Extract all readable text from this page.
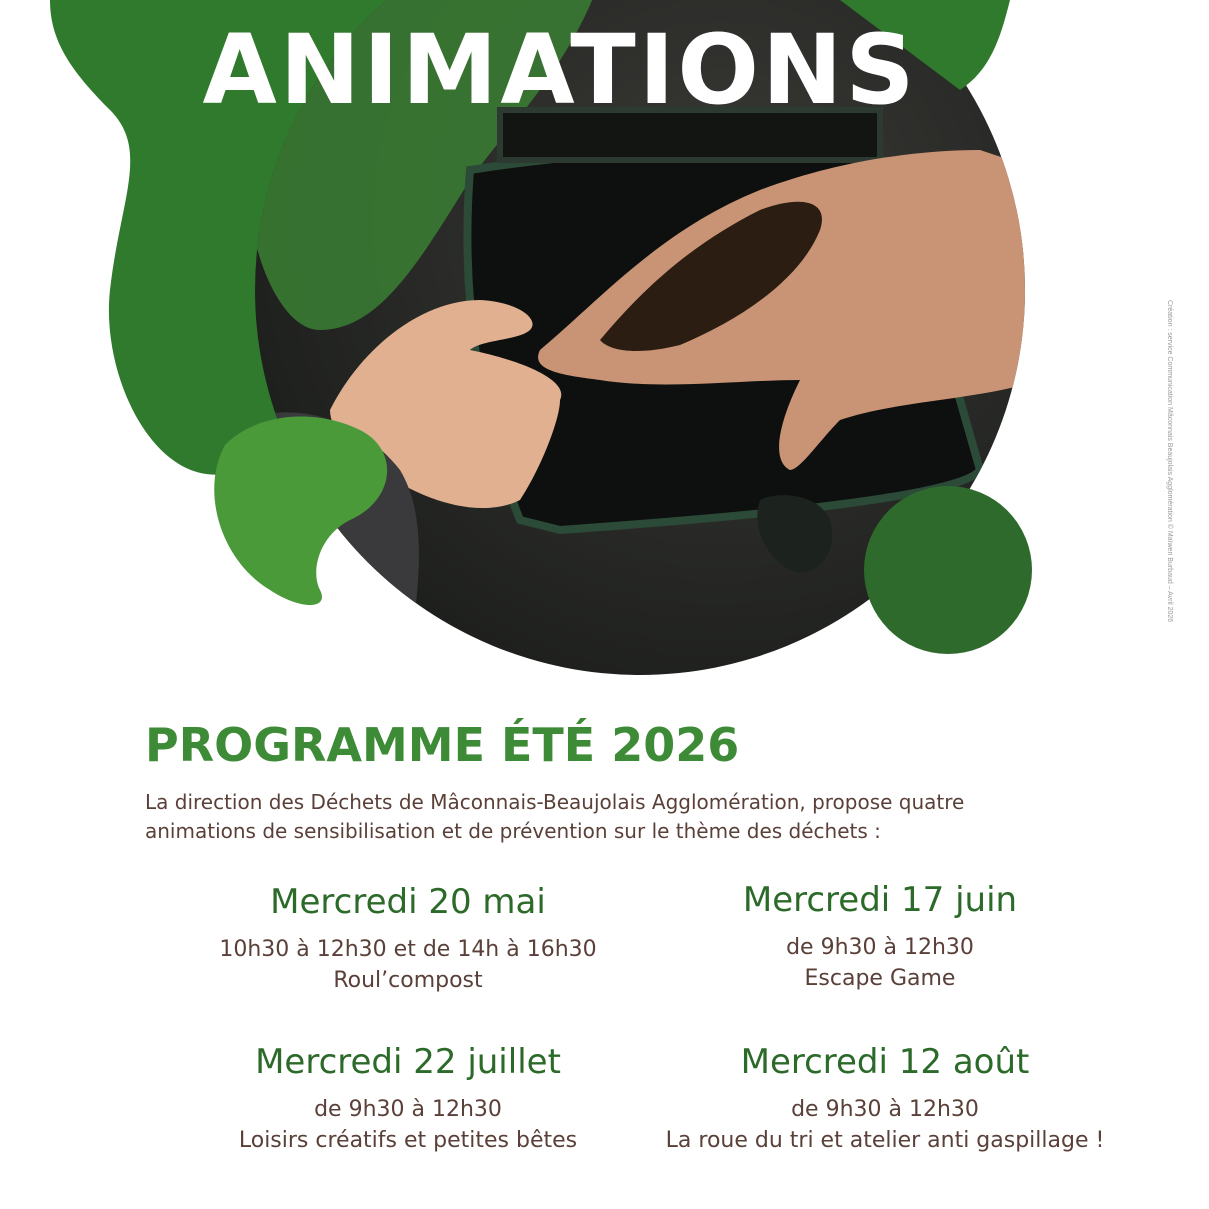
ANIMATIONS
Création : service Communication Mâconnais Beaujolais Agglomération © Maïwen Burbaud – Avril 2026
PROGRAMME ÉTÉ 2026
La direction des Déchets de Mâconnais-Beaujolais Agglomération, propose quatre
animations de sensibilisation et de prévention sur le thème des déchets :
Mercredi 20 mai
10h30 à 12h30 et de 14h à 16h30
Roul’compost
Mercredi 17 juin
de 9h30 à 12h30
Escape Game
Mercredi 22 juillet
de 9h30 à 12h30
Loisirs créatifs et petites bêtes
Mercredi 12 août
de 9h30 à 12h30
La roue du tri et atelier anti gaspillage !
